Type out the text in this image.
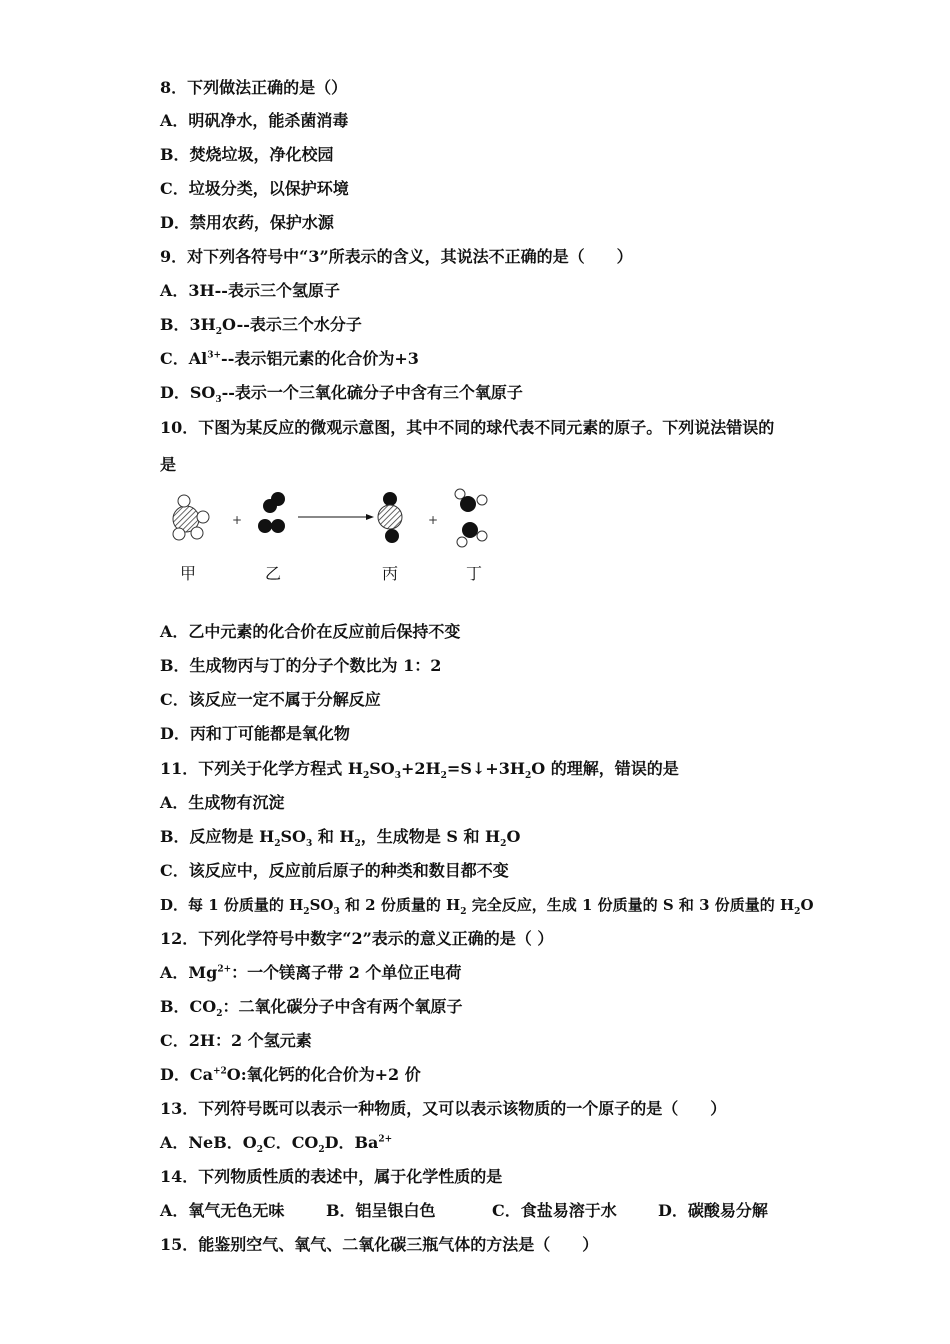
8．下列做法正确的是（）
A．明矾净水，能杀菌消毒
B．焚烧垃圾，净化校园
C．垃圾分类，以保护环境
D．禁用农药，保护水源
9．对下列各符号中“3”所表示的含义，其说法不正确的是（　　）
A．3H--表示三个氢原子
B．$3H_2O--$表示三个水分子
C．$Al^{3+}--$表示铝元素的化合价为+3
D．$SO_3--$表示一个三氧化硫分子中含有三个氧原子
10．下图为某反应的微观示意图，其中不同的球代表不同元素的原子。下列说法错误的
是
+	+
甲	乙	丙	丁
A．乙中元素的化合价在反应前后保持不变
B．生成物丙与丁的分子个数比为 1：2
C．该反应一定不属于分解反应
D．丙和丁可能都是氧化物
11．下列关于化学方程式 $H_2SO_3+2H_2=S↓+3H_2O$ 的理解，错误的是
A．生成物有沉淀
B．反应物是 $H_2SO_3$ 和 $H_2$，生成物是 S 和 $H_2O$
C．该反应中，反应前后原子的种类和数目都不变
D．每 1 份质量的 $H_2SO_3$ 和 2 份质量的 $H_2$ 完全反应，生成 1 份质量的 S 和 3 份质量的 $H_2O$
12．下列化学符号中数字“2”表示的意义正确的是（ ）
A．$Mg^{2+}$：一个镁离子带 2 个单位正电荷
B．$CO_2$：二氧化碳分子中含有两个氧原子
C．2H：2 个氢元素
D．$Ca^{+2}O$:氧化钙的化合价为+2 价
13．下列符号既可以表示一种物质，又可以表示该物质的一个原子的是（　　）
A．NeB．$O_2C$．$CO_2D$．$Ba^{2+}$
14．下列物质性质的表述中，属于化学性质的是
A．氧气无色无味	B．铝呈银白色	C．食盐易溶于水	D．碳酸易分解
15．能鉴别空气、氧气、二氧化碳三瓶气体的方法是（　　）
